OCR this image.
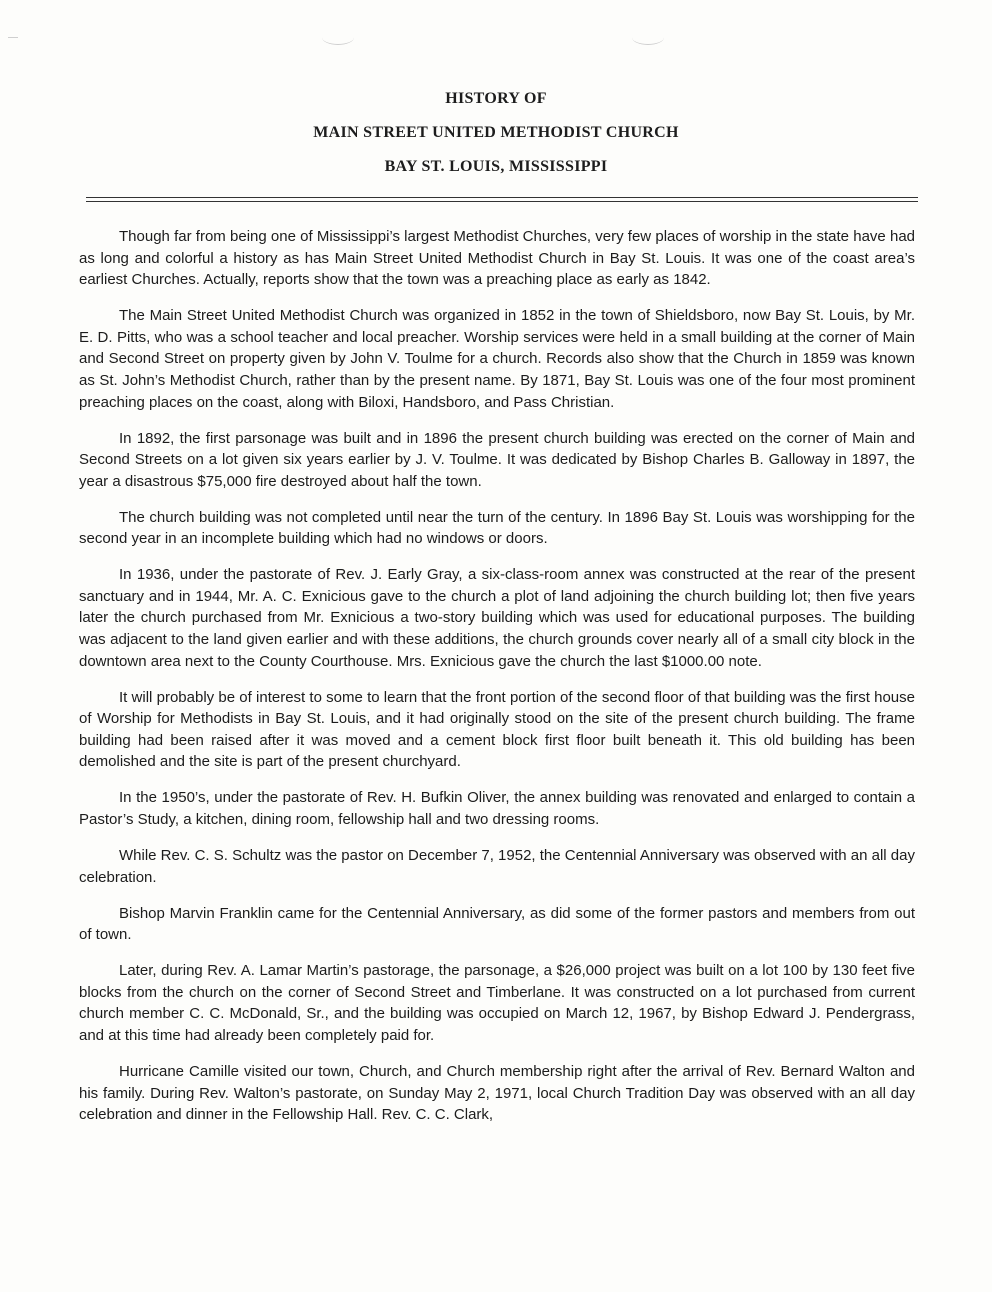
HISTORY OF
MAIN STREET UNITED METHODIST CHURCH
BAY ST. LOUIS, MISSISSIPPI

Though far from being one of Mississippi’s largest Methodist Churches, very few places of worship in the state have had as long and colorful a history as has Main Street United Methodist Church in Bay St. Louis. It was one of the coast area’s earliest Churches. Actually, reports show that the town was a preaching place as early as 1842.

The Main Street United Methodist Church was organized in 1852 in the town of Shieldsboro, now Bay St. Louis, by Mr. E. D. Pitts, who was a school teacher and local preacher. Worship services were held in a small building at the corner of Main and Second Street on property given by John V. Toulme for a church. Records also show that the Church in 1859 was known as St. John’s Methodist Church, rather than by the present name. By 1871, Bay St. Louis was one of the four most prominent preaching places on the coast, along with Biloxi, Handsboro, and Pass Christian.

In 1892, the first parsonage was built and in 1896 the present church building was erected on the corner of Main and Second Streets on a lot given six years earlier by J. V. Toulme. It was dedicated by Bishop Charles B. Galloway in 1897, the year a disastrous $75,000 fire destroyed about half the town.

The church building was not completed until near the turn of the century. In 1896 Bay St. Louis was worshipping for the second year in an incomplete building which had no windows or doors.

In 1936, under the pastorate of Rev. J. Early Gray, a six-class-room annex was constructed at the rear of the present sanctuary and in 1944, Mr. A. C. Exnicious gave to the church a plot of land adjoining the church building lot; then five years later the church purchased from Mr. Exnicious a two-story building which was used for educational purposes. The building was adjacent to the land given earlier and with these additions, the church grounds cover nearly all of a small city block in the downtown area next to the County Courthouse. Mrs. Exnicious gave the church the last $1000.00 note.

It will probably be of interest to some to learn that the front portion of the second floor of that building was the first house of Worship for Methodists in Bay St. Louis, and it had originally stood on the site of the present church building. The frame building had been raised after it was moved and a cement block first floor built beneath it. This old building has been demolished and the site is part of the present churchyard.

In the 1950’s, under the pastorate of Rev. H. Bufkin Oliver, the annex building was renovated and enlarged to contain a Pastor’s Study, a kitchen, dining room, fellowship hall and two dressing rooms.

While Rev. C. S. Schultz was the pastor on December 7, 1952, the Centennial Anniversary was observed with an all day celebration.

Bishop Marvin Franklin came for the Centennial Anniversary, as did some of the former pastors and members from out of town.

Later, during Rev. A. Lamar Martin’s pastorage, the parsonage, a $26,000 project was built on a lot 100 by 130 feet five blocks from the church on the corner of Second Street and Timberlane. It was constructed on a lot purchased from current church member C. C. McDonald, Sr., and the building was occupied on March 12, 1967, by Bishop Edward J. Pendergrass, and at this time had already been completely paid for.

Hurricane Camille visited our town, Church, and Church membership right after the arrival of Rev. Bernard Walton and his family. During Rev. Walton’s pastorate, on Sunday May 2, 1971, local Church Tradition Day was observed with an all day celebration and dinner in the Fellowship Hall. Rev. C. C. Clark,
